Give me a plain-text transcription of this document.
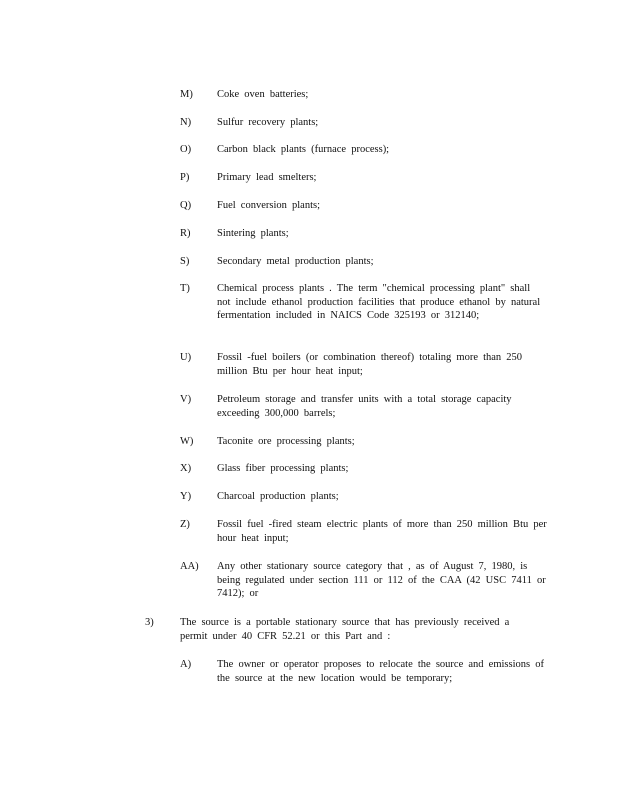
M)	Coke oven batteries;
N)	Sulfur recovery plants;
O)	Carbon black plants (furnace process);
P)	Primary lead smelters;
Q)	Fuel conversion plants;
R)	Sintering plants;
S)	Secondary metal production plants;
T)	Chemical process plants . The term "chemical processing plant" shall not include ethanol production facilities that produce ethanol by natural fermentation included in NAICS Code 325193 or 312140;
U)	Fossil -fuel boilers (or combination thereof) totaling more than 250 million Btu per hour heat input;
V)	Petroleum storage and transfer units with a total storage capacity exceeding 300,000 barrels;
W)	Taconite ore processing plants;
X)	Glass fiber processing plants;
Y)	Charcoal production plants;
Z)	Fossil fuel -fired steam electric plants of more than 250 million Btu per hour heat input;
AA)	Any other stationary source category that , as of August 7, 1980, is being regulated under section 111 or 112 of the CAA (42 USC 7411 or 7412); or
3)	The source is a portable stationary source that has previously received a permit under 40 CFR 52.21 or this Part and :
A)	The owner or operator proposes to relocate the source and emissions of the source at the new location would be temporary;
